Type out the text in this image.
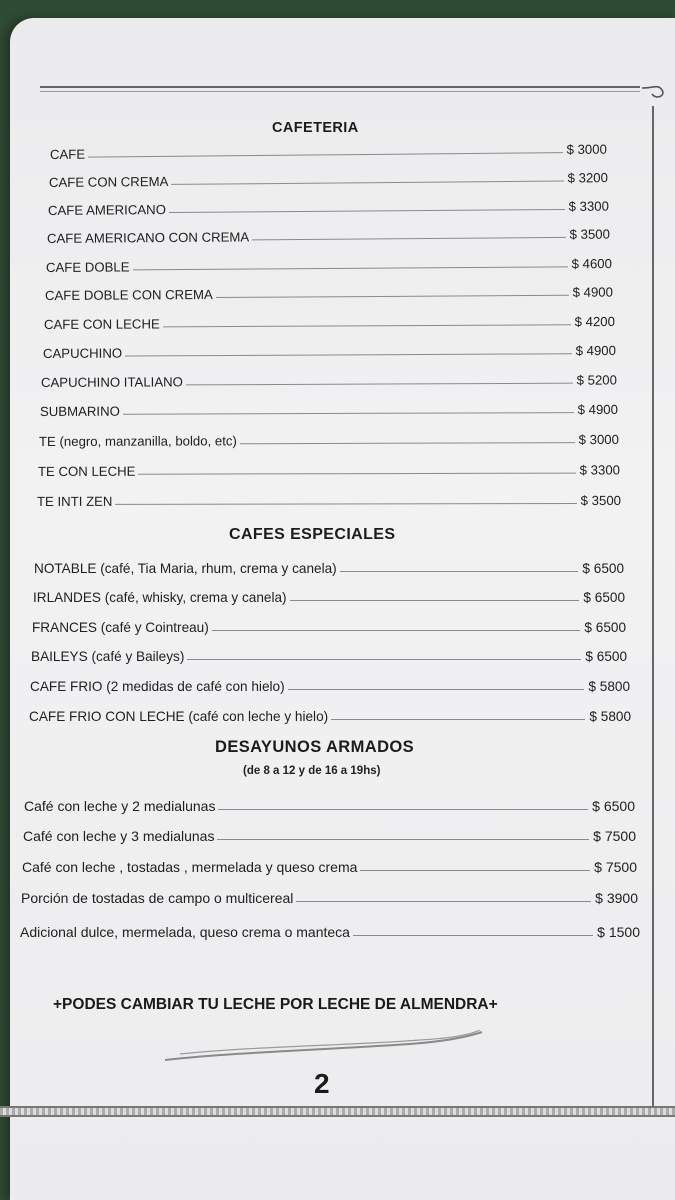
CAFETERIA
CAFE	$ 3000
CAFE CON CREMA	$ 3200
CAFE AMERICANO	$ 3300
CAFE AMERICANO CON CREMA	$ 3500
CAFE DOBLE	$ 4600
CAFE DOBLE CON CREMA	$ 4900
CAFE CON LECHE	$ 4200
CAPUCHINO	$ 4900
CAPUCHINO ITALIANO	$ 5200
SUBMARINO	$ 4900
TE (negro, manzanilla, boldo, etc)	$ 3000
TE CON LECHE	$ 3300
TE INTI ZEN	$ 3500
CAFES ESPECIALES
NOTABLE (café, Tia Maria, rhum, crema y canela)	$ 6500
IRLANDES (café, whisky, crema y canela)	$ 6500
FRANCES (café y Cointreau)	$ 6500
BAILEYS (café y Baileys)	$ 6500
CAFE FRIO (2 medidas de café con hielo)	$ 5800
CAFE FRIO CON LECHE (café con leche y hielo)	$ 5800
DESAYUNOS ARMADOS

(de 8 a 12 y de 16 a 19hs)

Café con leche y 2 medialunas	$ 6500
Café con leche y 3 medialunas	$ 7500
Café con leche , tostadas , mermelada y queso crema	$ 7500
Porción de tostadas de campo o multicereal	$ 3900
Adicional dulce, mermelada, queso crema o manteca	$ 1500

+PODES CAMBIAR TU LECHE POR LECHE DE ALMENDRA+

2
